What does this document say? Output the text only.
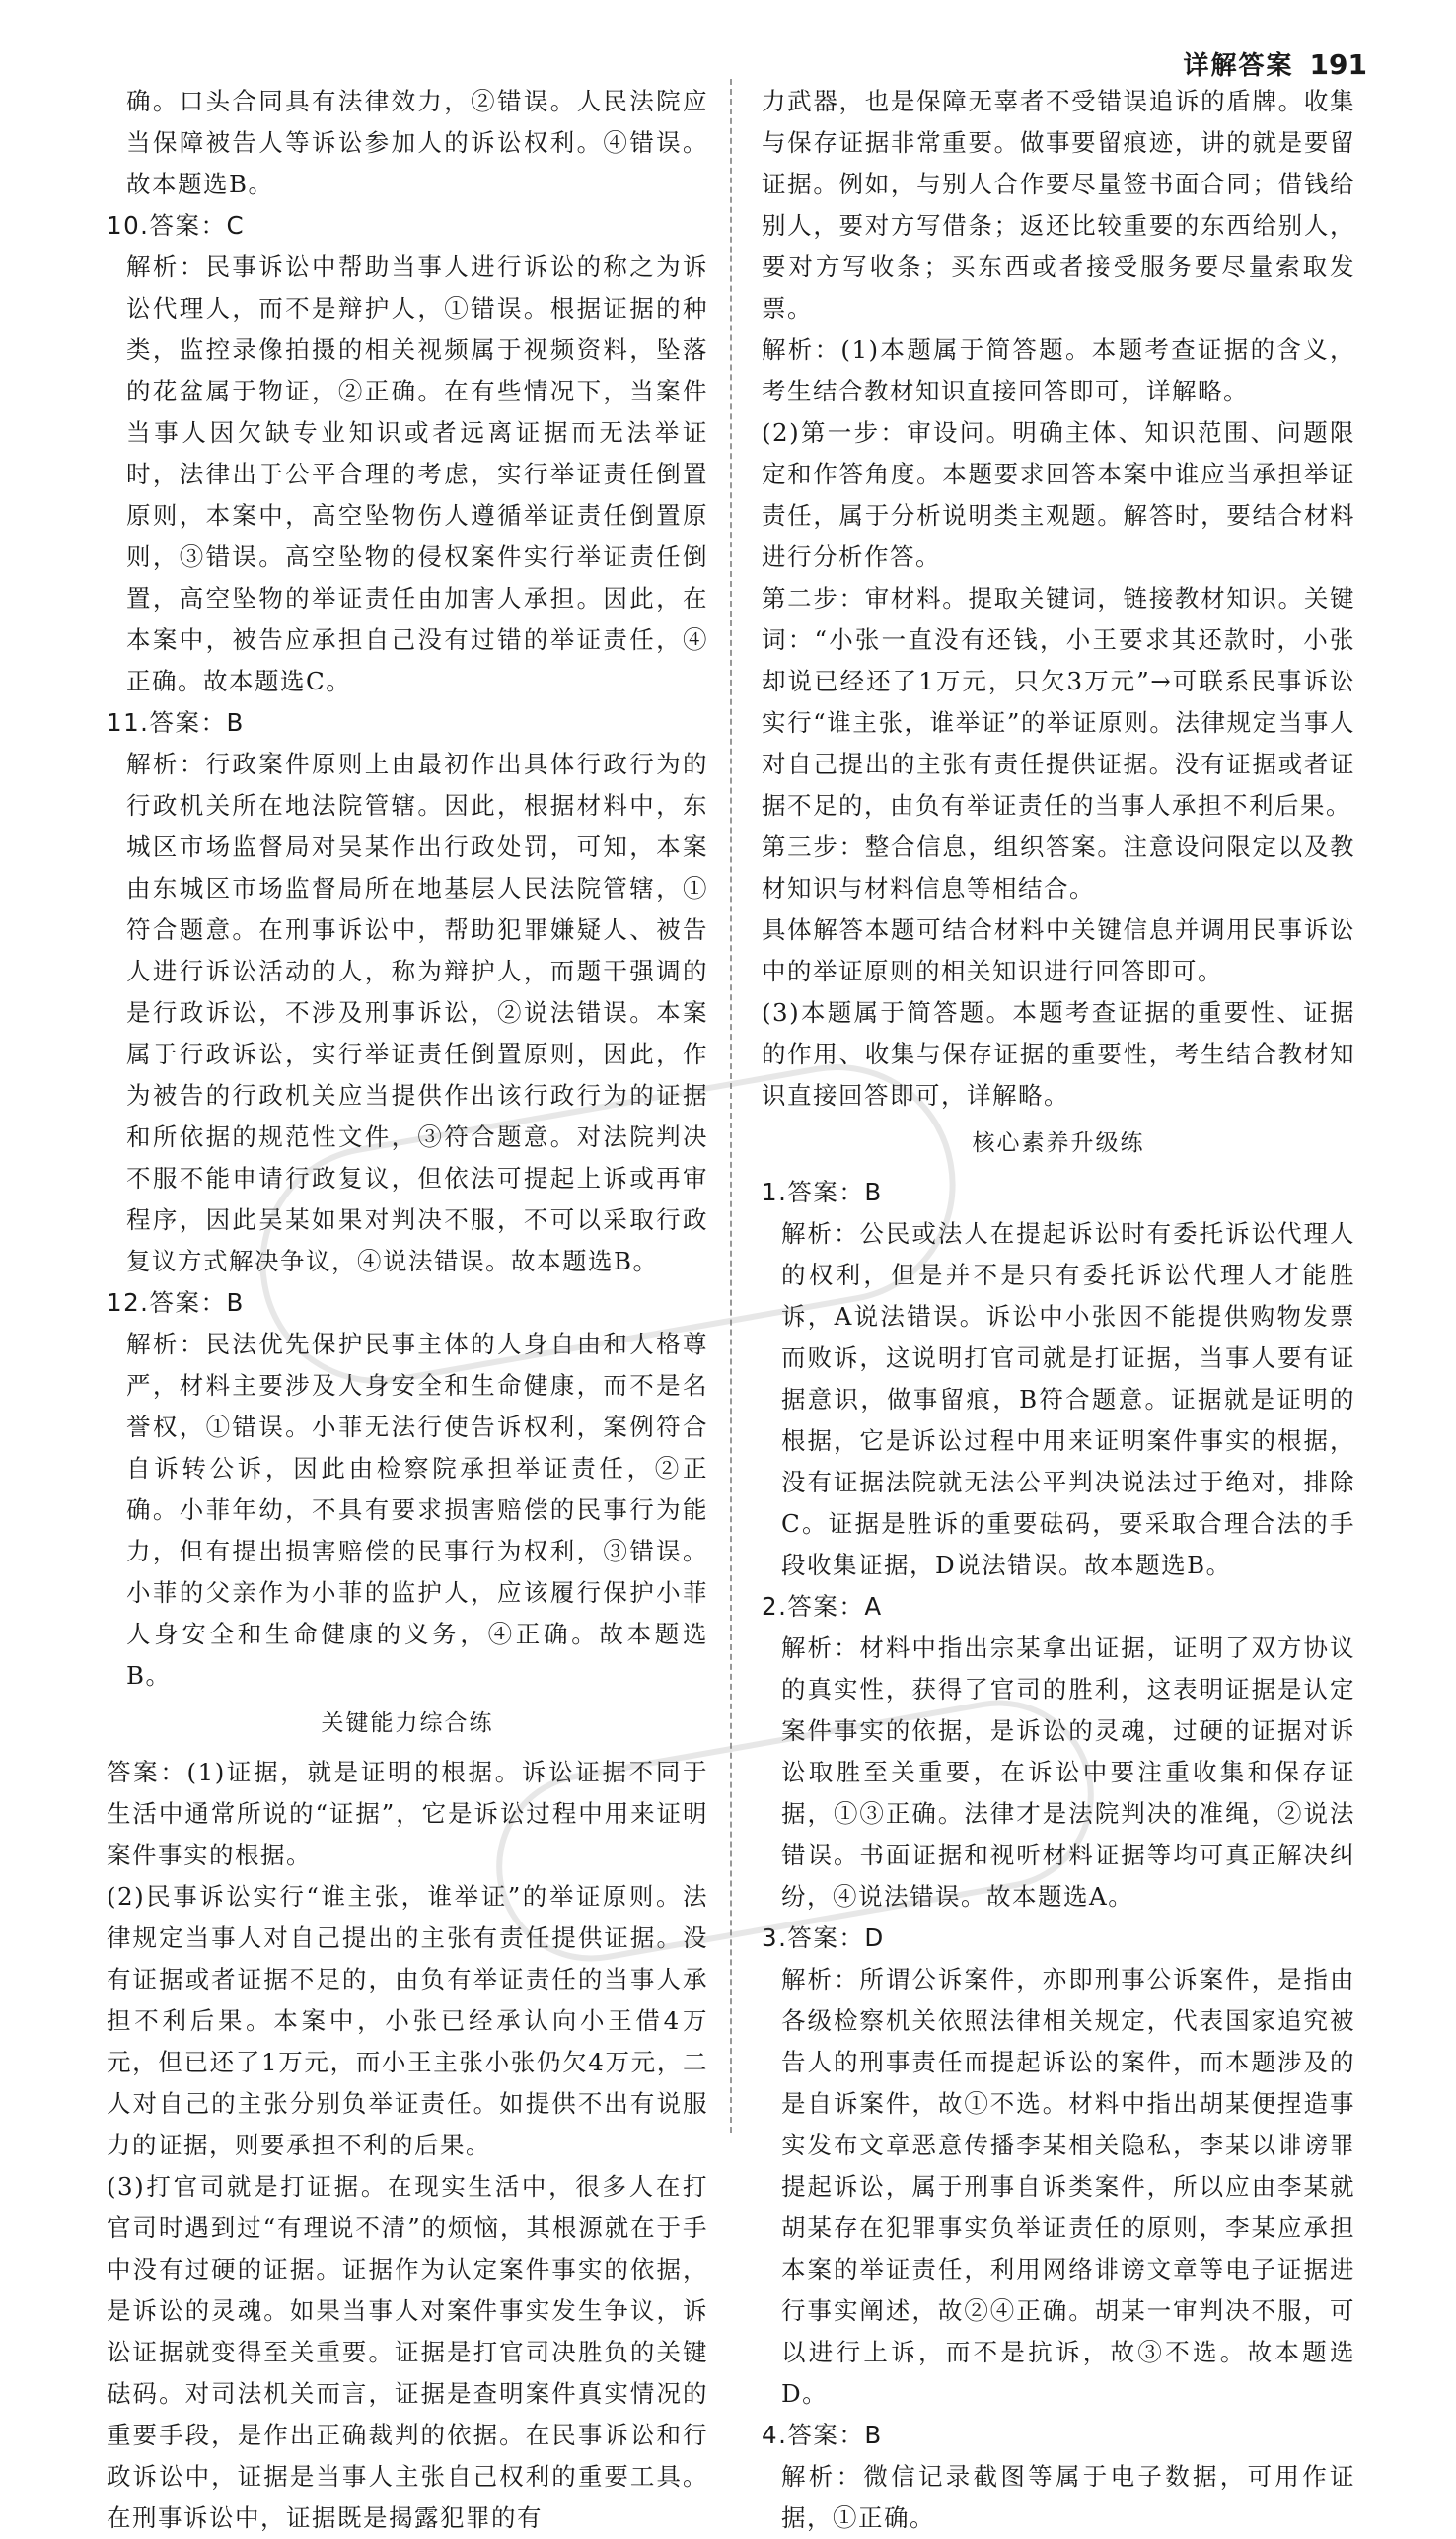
详解答案 191

确。口头合同具有法律效力，②错误。人民法院应当保障被告人等诉讼参加人的诉讼权利。④错误。故本题选B。

10.答案：C

解析：民事诉讼中帮助当事人进行诉讼的称之为诉讼代理人，而不是辩护人，①错误。根据证据的种类，监控录像拍摄的相关视频属于视频资料，坠落的花盆属于物证，②正确。在有些情况下，当案件当事人因欠缺专业知识或者远离证据而无法举证时，法律出于公平合理的考虑，实行举证责任倒置原则，本案中，高空坠物伤人遵循举证责任倒置原则，③错误。高空坠物的侵权案件实行举证责任倒置，高空坠物的举证责任由加害人承担。因此，在本案中，被告应承担自己没有过错的举证责任，④正确。故本题选C。

11.答案：B

解析：行政案件原则上由最初作出具体行政行为的行政机关所在地法院管辖。因此，根据材料中，东城区市场监督局对吴某作出行政处罚，可知，本案由东城区市场监督局所在地基层人民法院管辖，①符合题意。在刑事诉讼中，帮助犯罪嫌疑人、被告人进行诉讼活动的人，称为辩护人，而题干强调的是行政诉讼，不涉及刑事诉讼，②说法错误。本案属于行政诉讼，实行举证责任倒置原则，因此，作为被告的行政机关应当提供作出该行政行为的证据和所依据的规范性文件，③符合题意。对法院判决不服不能申请行政复议，但依法可提起上诉或再审程序，因此吴某如果对判决不服，不可以采取行政复议方式解决争议，④说法错误。故本题选B。

12.答案：B

解析：民法优先保护民事主体的人身自由和人格尊严，材料主要涉及人身安全和生命健康，而不是名誉权，①错误。小菲无法行使告诉权利，案例符合自诉转公诉，因此由检察院承担举证责任，②正确。小菲年幼，不具有要求损害赔偿的民事行为能力，但有提出损害赔偿的民事行为权利，③错误。小菲的父亲作为小菲的监护人，应该履行保护小菲人身安全和生命健康的义务，④正确。故本题选B。

关键能力综合练

答案：(1)证据，就是证明的根据。诉讼证据不同于生活中通常所说的“证据”，它是诉讼过程中用来证明案件事实的根据。

(2)民事诉讼实行“谁主张，谁举证”的举证原则。法律规定当事人对自己提出的主张有责任提供证据。没有证据或者证据不足的，由负有举证责任的当事人承担不利后果。本案中，小张已经承认向小王借4万元，但已还了1万元，而小王主张小张仍欠4万元，二人对自己的主张分别负举证责任。如提供不出有说服力的证据，则要承担不利的后果。

(3)打官司就是打证据。在现实生活中，很多人在打官司时遇到过“有理说不清”的烦恼，其根源就在于手中没有过硬的证据。证据作为认定案件事实的依据，是诉讼的灵魂。如果当事人对案件事实发生争议，诉讼证据就变得至关重要。证据是打官司决胜负的关键砝码。对司法机关而言，证据是查明案件真实情况的重要手段，是作出正确裁判的依据。在民事诉讼和行政诉讼中，证据是当事人主张自己权利的重要工具。在刑事诉讼中，证据既是揭露犯罪的有

力武器，也是保障无辜者不受错误追诉的盾牌。收集与保存证据非常重要。做事要留痕迹，讲的就是要留证据。例如，与别人合作要尽量签书面合同；借钱给别人，要对方写借条；返还比较重要的东西给别人，要对方写收条；买东西或者接受服务要尽量索取发票。

解析：(1)本题属于简答题。本题考查证据的含义，考生结合教材知识直接回答即可，详解略。

(2)第一步：审设问。明确主体、知识范围、问题限定和作答角度。本题要求回答本案中谁应当承担举证责任，属于分析说明类主观题。解答时，要结合材料进行分析作答。

第二步：审材料。提取关键词，链接教材知识。关键词：“小张一直没有还钱，小王要求其还款时，小张却说已经还了1万元，只欠3万元”→可联系民事诉讼实行“谁主张，谁举证”的举证原则。法律规定当事人对自己提出的主张有责任提供证据。没有证据或者证据不足的，由负有举证责任的当事人承担不利后果。

第三步：整合信息，组织答案。注意设问限定以及教材知识与材料信息等相结合。

具体解答本题可结合材料中关键信息并调用民事诉讼中的举证原则的相关知识进行回答即可。

(3)本题属于简答题。本题考查证据的重要性、证据的作用、收集与保存证据的重要性，考生结合教材知识直接回答即可，详解略。

核心素养升级练

1.答案：B

解析：公民或法人在提起诉讼时有委托诉讼代理人的权利，但是并不是只有委托诉讼代理人才能胜诉，A说法错误。诉讼中小张因不能提供购物发票而败诉，这说明打官司就是打证据，当事人要有证据意识，做事留痕，B符合题意。证据就是证明的根据，它是诉讼过程中用来证明案件事实的根据，没有证据法院就无法公平判决说法过于绝对，排除C。证据是胜诉的重要砝码，要采取合理合法的手段收集证据，D说法错误。故本题选B。

2.答案：A

解析：材料中指出宗某拿出证据，证明了双方协议的真实性，获得了官司的胜利，这表明证据是认定案件事实的依据，是诉讼的灵魂，过硬的证据对诉讼取胜至关重要，在诉讼中要注重收集和保存证据，①③正确。法律才是法院判决的准绳，②说法错误。书面证据和视听材料证据等均可真正解决纠纷，④说法错误。故本题选A。

3.答案：D

解析：所谓公诉案件，亦即刑事公诉案件，是指由各级检察机关依照法律相关规定，代表国家追究被告人的刑事责任而提起诉讼的案件，而本题涉及的是自诉案件，故①不选。材料中指出胡某便捏造事实发布文章恶意传播李某相关隐私，李某以诽谤罪提起诉讼，属于刑事自诉类案件，所以应由李某就胡某存在犯罪事实负举证责任的原则，李某应承担本案的举证责任，利用网络诽谤文章等电子证据进行事实阐述，故②④正确。胡某一审判决不服，可以进行上诉，而不是抗诉，故③不选。故本题选D。

4.答案：B

解析：微信记录截图等属于电子数据，可用作证据，①正确。
